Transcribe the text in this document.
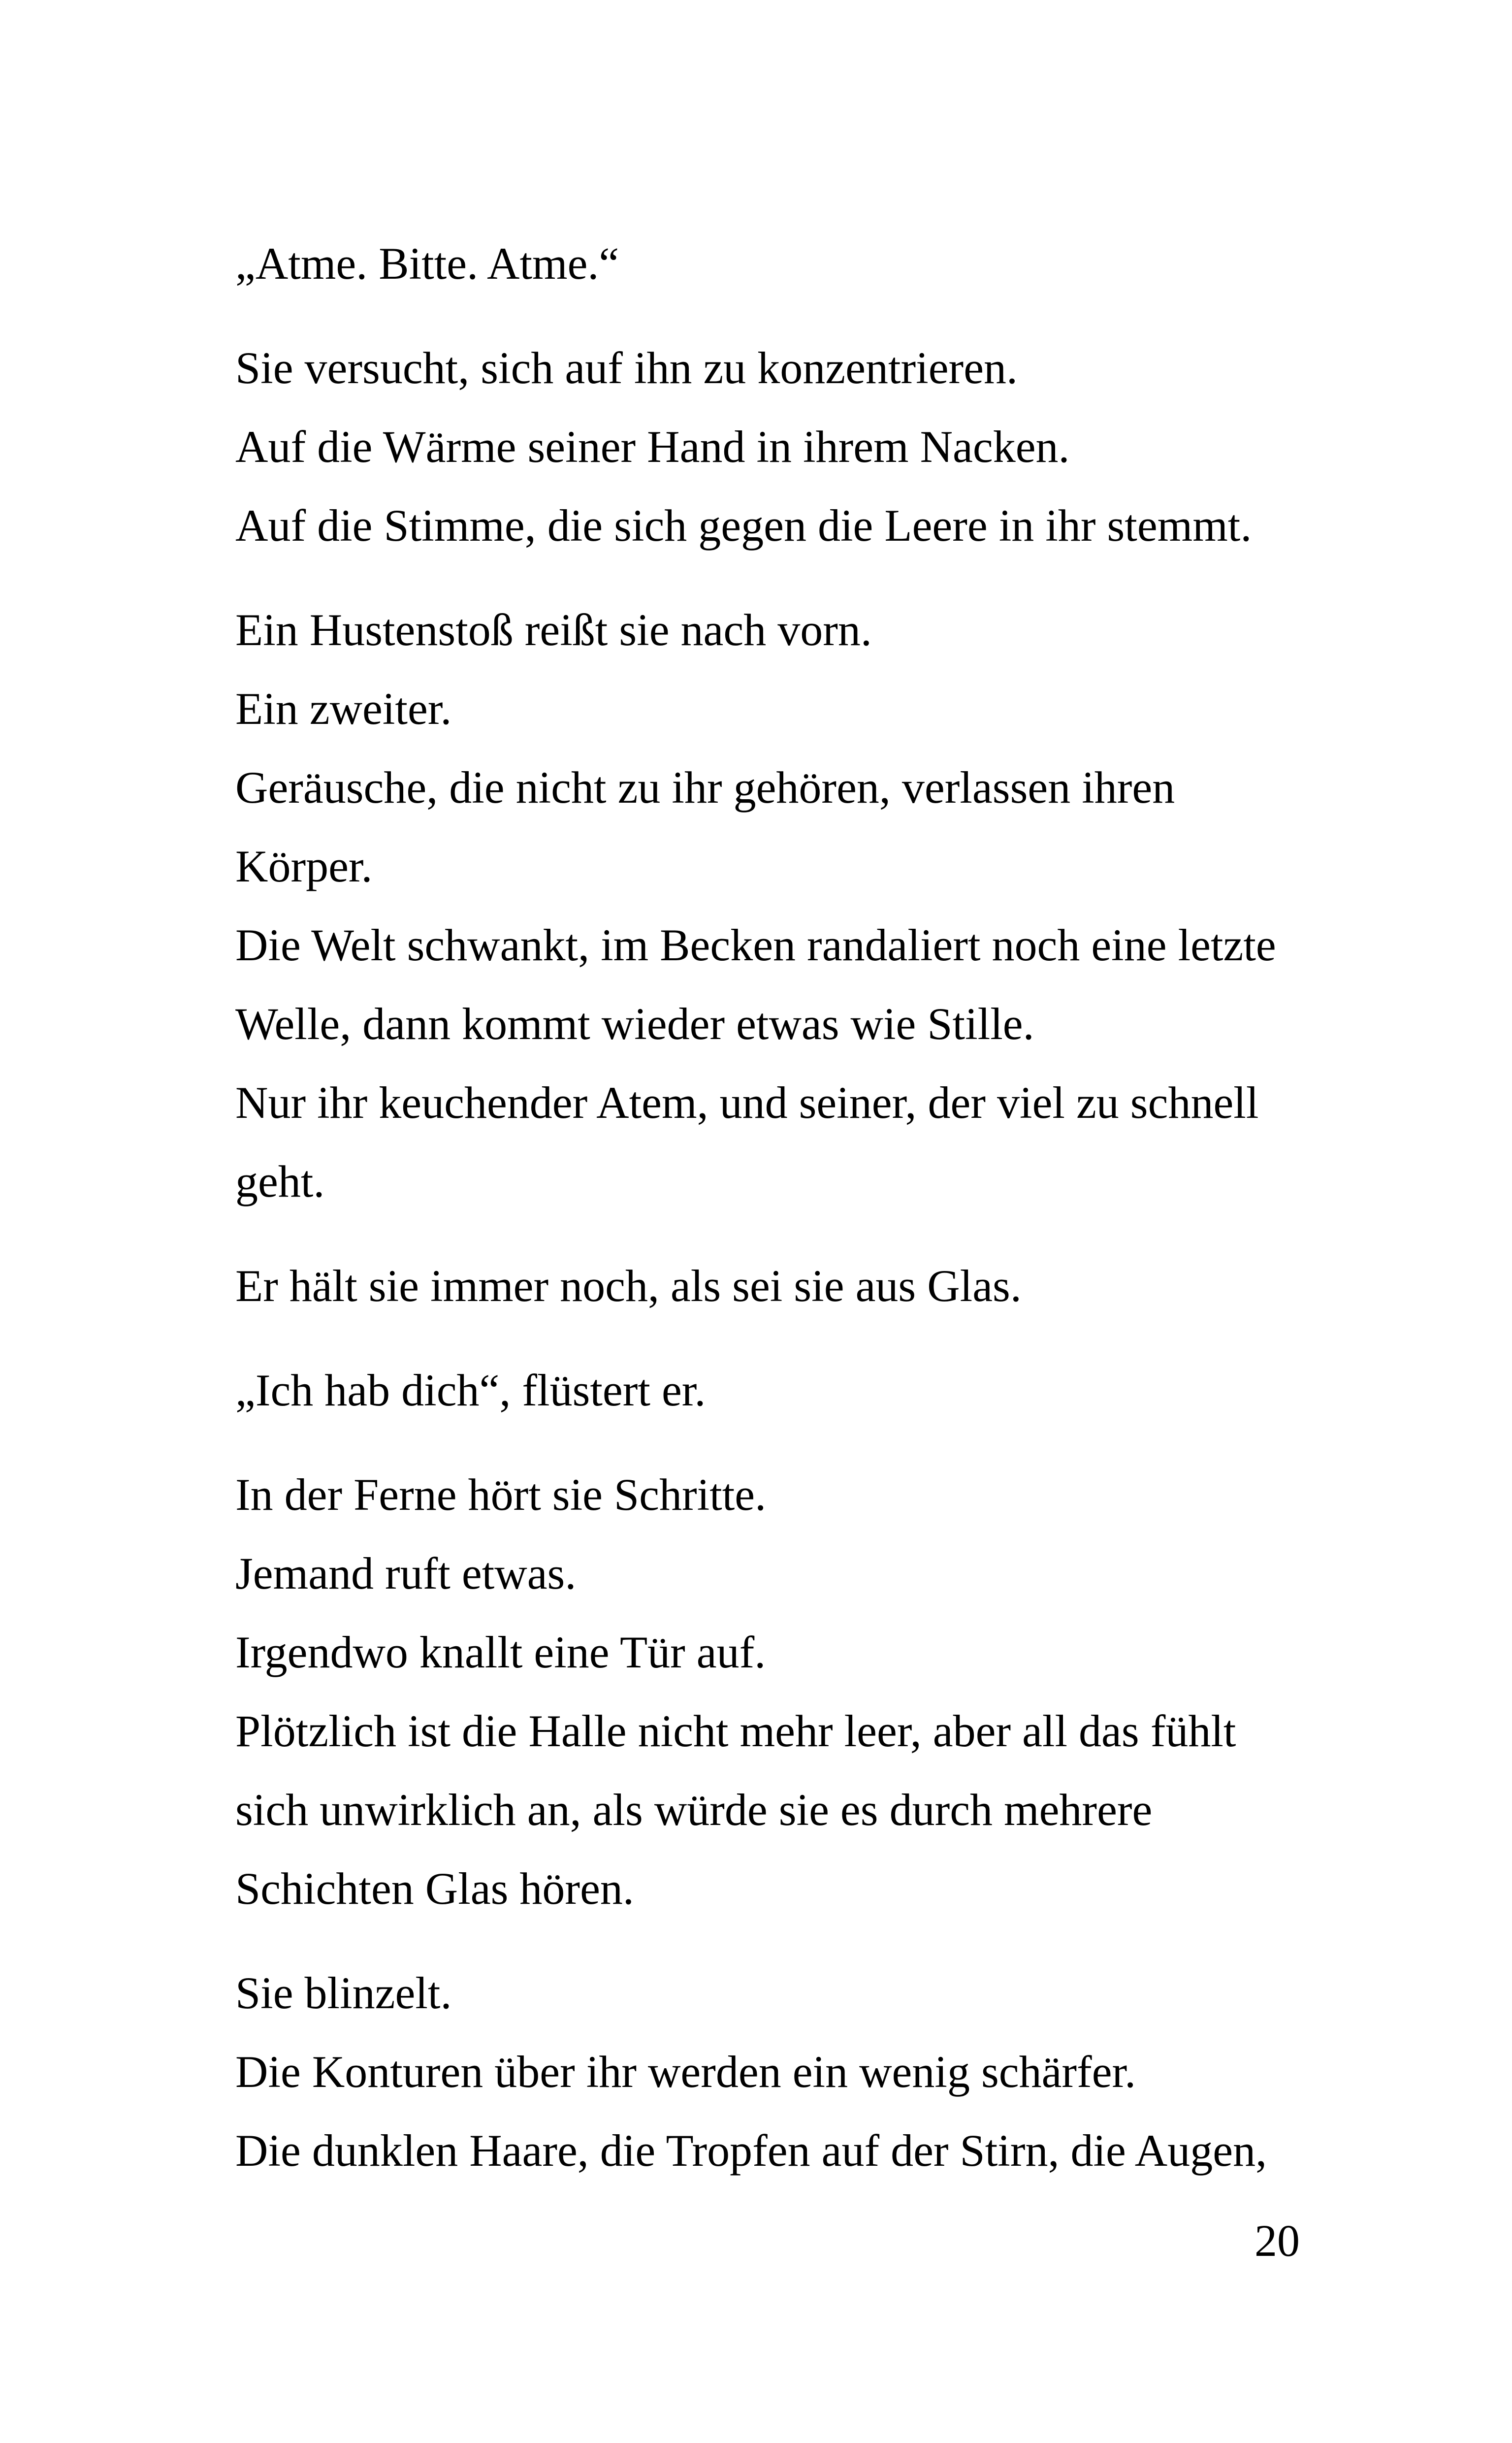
„Atme. Bitte. Atme.“
Sie versucht, sich auf ihn zu konzentrieren.
Auf die Wärme seiner Hand in ihrem Nacken.
Auf die Stimme, die sich gegen die Leere in ihr stemmt.
Ein Hustenstoß reißt sie nach vorn.
Ein zweiter.
Geräusche, die nicht zu ihr gehören, verlassen ihren
Körper.
Die Welt schwankt, im Becken randaliert noch eine letzte
Welle, dann kommt wieder etwas wie Stille.
Nur ihr keuchender Atem, und seiner, der viel zu schnell
geht.
Er hält sie immer noch, als sei sie aus Glas.
„Ich hab dich“, flüstert er.
In der Ferne hört sie Schritte.
Jemand ruft etwas.
Irgendwo knallt eine Tür auf.
Plötzlich ist die Halle nicht mehr leer, aber all das fühlt
sich unwirklich an, als würde sie es durch mehrere
Schichten Glas hören.
Sie blinzelt.
Die Konturen über ihr werden ein wenig schärfer.
Die dunklen Haare, die Tropfen auf der Stirn, die Augen,
20
